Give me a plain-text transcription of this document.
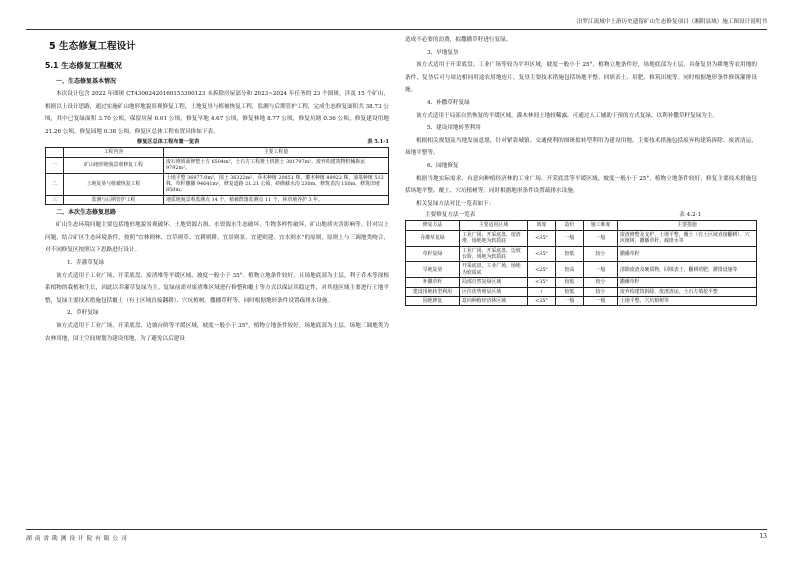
汨罗江流域中上游历史遗留矿山生态修复项目（湘阴县域）施工图设计说明书
5 生态修复工程设计
5.1 生态修复工程概况
一、生态修复基本情况
本次设计包含 2022 年图斑 CT43062420160153300123 未拆除房屋部分和 2023~2024 年任务的 23 个图斑，涉及 15 个矿山，根据以上设计思路，通过实施矿山地形地貌景观修复工程，土地复垦与植被恢复工程，监测与后期管护工程，完成生态修复面积共 38.73 公顷，其中已复绿面积 3.70 公顷，保留房屋 0.01 公顷，修复旱地 4.67 公顷，修复林地 8.77 公顷，修复坑塘 0.36 公顷，修复建设用地 21.26 公顷，修复园地 0.38 公顷。修复区总体工程布置具体如下表。
修复区总体工程布置一览表	表 5.1-1
	工程内容	主要工程量
一	矿山地形地貌景观修复工程	废石堆坡面修整土方 6504m³，土石方工程推土机推土 381797m³，废弃构建筑物机械拆运 9792m²。
二	土地复垦与植被恢复工程	土地平整 36977.0m²，围土 36322m²，乔木种植 20851 株，灌木种植 89922 株，油茶种植 512 株，草籽撒播 94641m²，修复道路 21.21 公顷，砖砌截水沟 230m，修筑表沟 150m，修筑田埂 850m。
三	监测与后期管护工程	地质地貌景观监测点 14 个，植被群落监测点 11 个，林草地养护 3 年。
二、本次生态修复思路
矿山生态环境问题主要包括地形地貌景观破坏、土地资源占损、水资源水生态破坏、生物多样性破坏、矿山地质灾害影响等。针对以上问题，结合矿区生态环境条件，按照“宜林则林、宜草则草、宜耕则耕、宜景则景、宜建则建、宜水则水”的原则，原则上与三调地类吻合，对不同修复区按照以下思路进行设计。
1、乔灌草复绿
该方式适用于工业广场、开采底盘、废渣堆等平缓区域，坡度一般小于 35°。植物立地条件较好，且场地底部为土层，利于乔木等深根系植物的栽植和生长，因此以乔灌草复绿为主。复绿前需对废渣堆区域进行修整和覆土等方式以保证其稳定性，对其他区域主要进行土地平整，复绿主要技术措施包括覆土（有土区域直接翻耕）、穴坑植树、撒播草籽等。同时根据地形条件设置疏排水设施。
2、草籽复绿
该方式适用于工业广场、开采底盘、边坡台阶等平缓区域，坡度一般小于 35°，植物立地条件较好，场地底部为土层，场地三调地类为农林用地，国土空间规划为建设用地，为了避免以后建设
造成不必要的浪费，拟撒播草籽进行复绿。
3、旱地复垦
该方式适用于开采底盘、工业广场等较为平坦区域，坡度一般小于 25°，植物立地条件好，场地底部为土层，具备复垦为耕地等农用地的条件，复垦后可与周边相同用途农用地连片。复垦主要技术措施包括场地平整、回填表土、培肥、修筑田埂等。同时根据地形条件修筑灌排设施。
4、补撒草籽复绿
该方式适用于局部自然恢复的平缓区域，灌木林间土地较稀露，可通过人工辅助干预的方式复绿，以利补撒草籽复绿为主。
5、建设用地转型利用
根据相关规划及当地发展意愿，针对紧靠城镇、交通便利的图斑拟转型利用为建设用地，主要技术措施包括废弃构建筑拆除、废渣清运、场地平整等。
6、园地修复
根据当地实际需求，有意向种植经济林的工业广场、开采底盘等平缓区域，坡度一般小于 25°，植物立地条件较好，修复主要技术措施包括场地平整、覆土、穴坑植树等。同时根据地形条件设置疏排水设施。
相关复绿方法对比一览表如下：
主要修复方法一览表	表 4.2-1
修复方法	主要适用区域	坡度	造价	施工难度	主要措施
乔灌草复绿	工业广场、开采底盘，废渣堆，场地地为软质底	<35°	一般	一般	废渣修整及支护，土地平整，覆土（有土区域直接翻耕），穴坑植树，撒播草籽，疏排水等
草籽复绿	工业广场、开采底盘，边坡台阶，场地为软质底	<35°	较低	较小	撒播草籽
旱地复垦	开采底盘，工业广场，场地为软质底	<25°	较高	一般	清除废渣及硬质物，回填表土，翻耕培肥，灌排设施等
补撒草籽	局部自然复绿区域	<35°	较低	较小	撒播草籽
建设用地转型利用	区位优势明显区域	/	较低	较小	废弃构建筑拆除，废渣清运，土石方填挖平整
园地修复	意向种植经济林区域	<25°	一般	一般	土地平整，穴坑植树等
湖 南 省 勘 测 设 计 院 有 限 公 司	13
